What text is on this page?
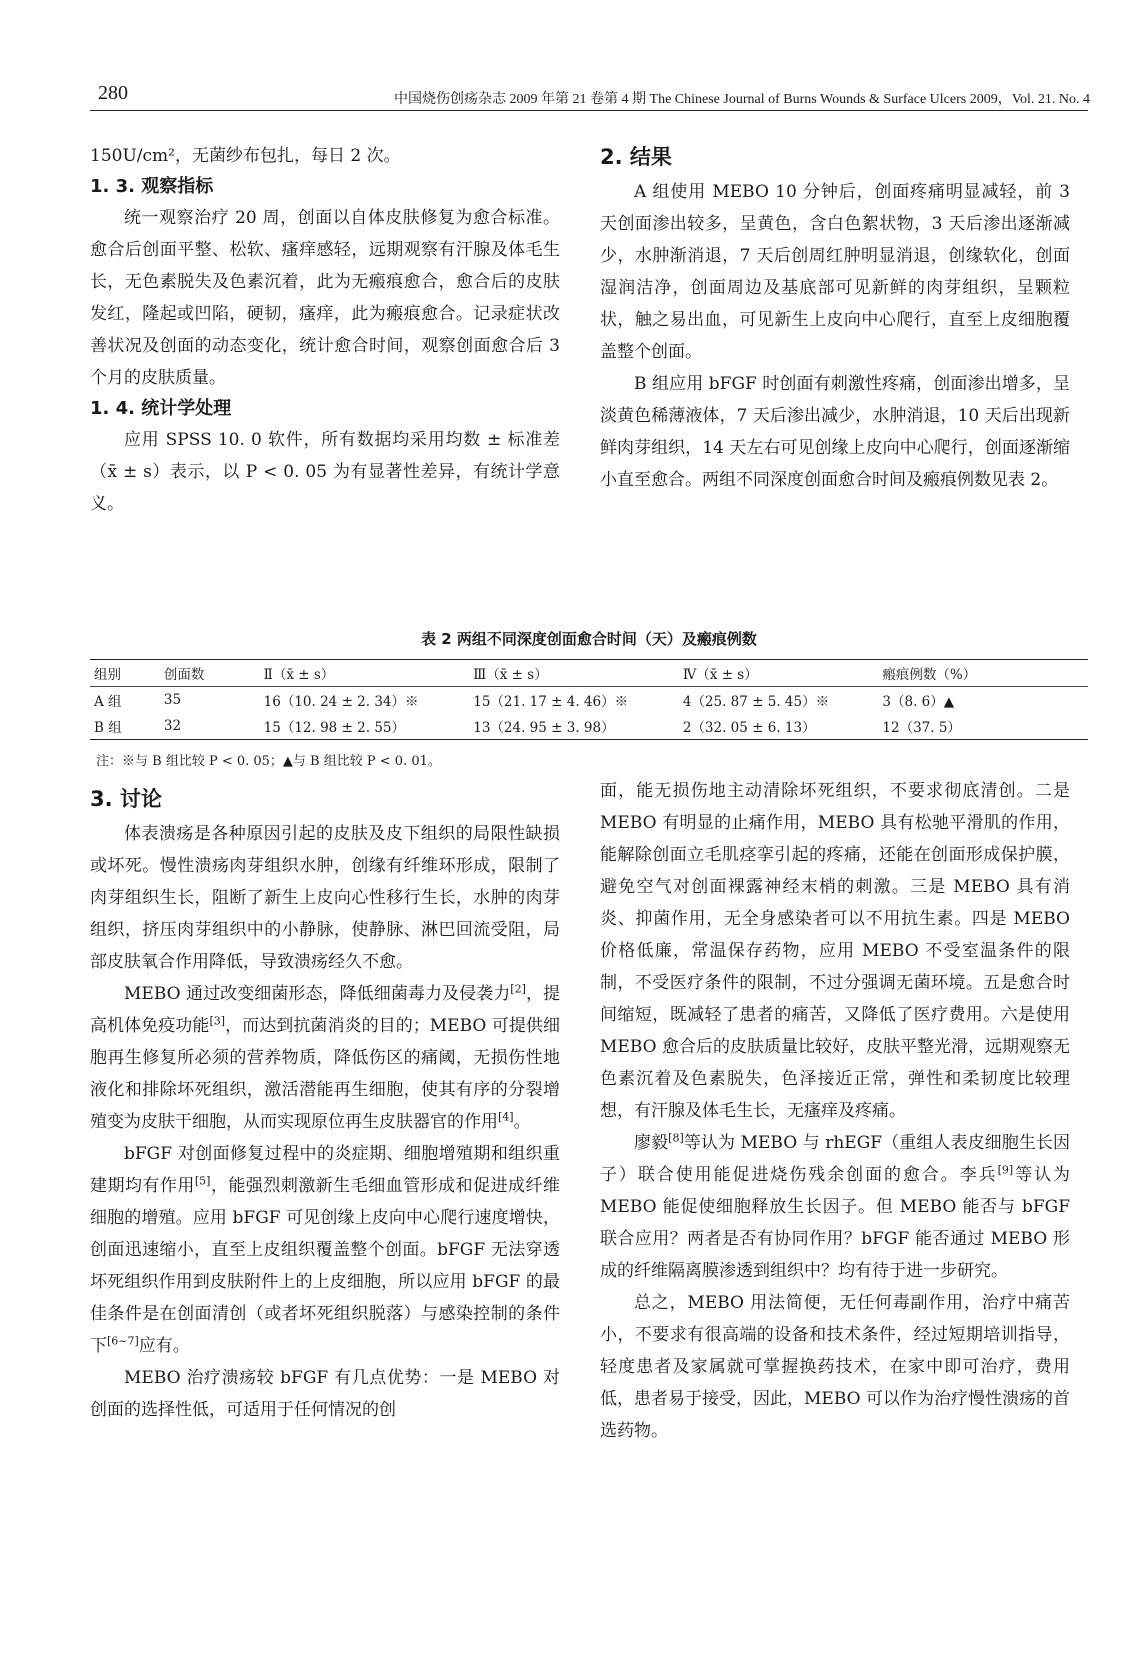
280	中国烧伤创疡杂志 2009 年第 21 卷第 4 期 The Chinese Journal of Burns Wounds & Surface Ulcers 2009，Vol. 21. No. 4

150U/cm²，无菌纱布包扎，每日 2 次。

1. 3. 观察指标

统一观察治疗 20 周，创面以自体皮肤修复为愈合标准。愈合后创面平整、松软、瘙痒感轻，远期观察有汗腺及体毛生长，无色素脱失及色素沉着，此为无瘢痕愈合，愈合后的皮肤发红，隆起或凹陷，硬韧，瘙痒，此为瘢痕愈合。记录症状改善状况及创面的动态变化，统计愈合时间，观察创面愈合后 3 个月的皮肤质量。

1. 4. 统计学处理

应用 SPSS 10. 0 软件，所有数据均采用均数 ± 标准差（x̄ ± s）表示，以 P < 0. 05 为有显著性差异，有统计学意义。

2. 结果

A 组使用 MEBO 10 分钟后，创面疼痛明显减轻，前 3 天创面渗出较多，呈黄色，含白色絮状物，3 天后渗出逐渐减少，水肿渐消退，7 天后创周红肿明显消退，创缘软化，创面湿润洁净，创面周边及基底部可见新鲜的肉芽组织，呈颗粒状，触之易出血，可见新生上皮向中心爬行，直至上皮细胞覆盖整个创面。

B 组应用 bFGF 时创面有刺激性疼痛，创面渗出增多，呈淡黄色稀薄液体，7 天后渗出减少，水肿消退，10 天后出现新鲜肉芽组织，14 天左右可见创缘上皮向中心爬行，创面逐渐缩小直至愈合。两组不同深度创面愈合时间及瘢痕例数见表 2。

表 2 两组不同深度创面愈合时间（天）及瘢痕例数
组别	创面数	Ⅱ（x̄ ± s）	Ⅲ（x̄ ± s）	Ⅳ（x̄ ± s）	瘢痕例数（%）
A 组	35	16（10. 24 ± 2. 34）※	15（21. 17 ± 4. 46）※	4（25. 87 ± 5. 45）※	3（8. 6）▲
B 组	32	15（12. 98 ± 2. 55）	13（24. 95 ± 3. 98）	2（32. 05 ± 6. 13）	12（37. 5）
注：※与 B 组比较 P < 0. 05；▲与 B 组比较 P < 0. 01。
3. 讨论

体表溃疡是各种原因引起的皮肤及皮下组织的局限性缺损或坏死。慢性溃疡肉芽组织水肿，创缘有纤维环形成，限制了肉芽组织生长，阻断了新生上皮向心性移行生长，水肿的肉芽组织，挤压肉芽组织中的小静脉，使静脉、淋巴回流受阻，局部皮肤氧合作用降低，导致溃疡经久不愈。

MEBO 通过改变细菌形态，降低细菌毒力及侵袭力[2]，提高机体免疫功能[3]，而达到抗菌消炎的目的；MEBO 可提供细胞再生修复所必须的营养物质，降低伤区的痛阈，无损伤性地液化和排除坏死组织，激活潜能再生细胞，使其有序的分裂增殖变为皮肤干细胞，从而实现原位再生皮肤器官的作用[4]。

bFGF 对创面修复过程中的炎症期、细胞增殖期和组织重建期均有作用[5]，能强烈刺激新生毛细血管形成和促进成纤维细胞的增殖。应用 bFGF 可见创缘上皮向中心爬行速度增快，创面迅速缩小，直至上皮组织覆盖整个创面。bFGF 无法穿透坏死组织作用到皮肤附件上的上皮细胞，所以应用 bFGF 的最佳条件是在创面清创（或者坏死组织脱落）与感染控制的条件下[6~7]应有。

MEBO 治疗溃疡较 bFGF 有几点优势：一是 MEBO 对创面的选择性低，可适用于任何情况的创

面，能无损伤地主动清除坏死组织，不要求彻底清创。二是 MEBO 有明显的止痛作用，MEBO 具有松驰平滑肌的作用，能解除创面立毛肌痉挛引起的疼痛，还能在创面形成保护膜，避免空气对创面裸露神经末梢的刺激。三是 MEBO 具有消炎、抑菌作用，无全身感染者可以不用抗生素。四是 MEBO 价格低廉，常温保存药物，应用 MEBO 不受室温条件的限制，不受医疗条件的限制，不过分强调无菌环境。五是愈合时间缩短，既减轻了患者的痛苦，又降低了医疗费用。六是使用 MEBO 愈合后的皮肤质量比较好，皮肤平整光滑，远期观察无色素沉着及色素脱失，色泽接近正常，弹性和柔韧度比较理想，有汗腺及体毛生长，无瘙痒及疼痛。

廖毅[8]等认为 MEBO 与 rhEGF（重组人表皮细胞生长因子）联合使用能促进烧伤残余创面的愈合。李兵[9]等认为 MEBO 能促使细胞释放生长因子。但 MEBO 能否与 bFGF 联合应用？两者是否有协同作用？bFGF 能否通过 MEBO 形成的纤维隔离膜渗透到组织中？均有待于进一步研究。

总之，MEBO 用法简便，无任何毒副作用，治疗中痛苦小，不要求有很高端的设备和技术条件，经过短期培训指导，轻度患者及家属就可掌握换药技术，在家中即可治疗，费用低，患者易于接受，因此，MEBO 可以作为治疗慢性溃疡的首选药物。
